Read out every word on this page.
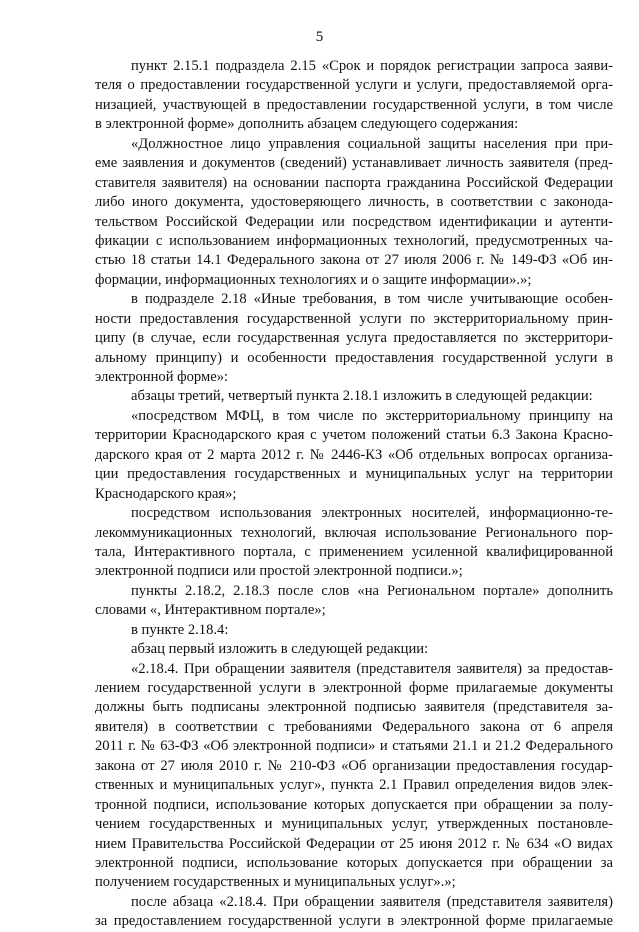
5
пункт 2.15.1 подраздела 2.15 «Срок и порядок регистрации запроса заяви-
теля о предоставлении государственной услуги и услуги, предоставляемой орга-
низацией, участвующей в предоставлении государственной услуги, в том числе
в электронной форме» дополнить абзацем следующего содержания:
«Должностное лицо управления социальной защиты населения при при-
еме заявления и документов (сведений) устанавливает личность заявителя (пред-
ставителя заявителя) на основании паспорта гражданина Российской Федерации
либо иного документа, удостоверяющего личность, в соответствии с законода-
тельством Российской Федерации или посредством идентификации и аутенти-
фикации с использованием информационных технологий, предусмотренных ча-
стью 18 статьи 14.1 Федерального закона от 27 июля 2006 г. № 149-ФЗ «Об ин-
формации, информационных технологиях и о защите информации».»;
в подразделе 2.18 «Иные требования, в том числе учитывающие особен-
ности предоставления государственной услуги по экстерриториальному прин-
ципу (в случае, если государственная услуга предоставляется по экстерритори-
альному принципу) и особенности предоставления государственной услуги в
электронной форме»:
абзацы третий, четвертый пункта 2.18.1 изложить в следующей редакции:
«посредством МФЦ, в том числе по экстерриториальному принципу на
территории Краснодарского края с учетом положений статьи 6.3 Закона Красно-
дарского края от 2 марта 2012 г. № 2446-КЗ «Об отдельных вопросах организа-
ции предоставления государственных и муниципальных услуг на территории
Краснодарского края»;
посредством использования электронных носителей, информационно-те-
лекоммуникационных технологий, включая использование Регионального пор-
тала, Интерактивного портала, с применением усиленной квалифицированной
электронной подписи или простой электронной подписи.»;
пункты 2.18.2, 2.18.3 после слов «на Региональном портале» дополнить
словами «, Интерактивном портале»;
в пункте 2.18.4:
абзац первый изложить в следующей редакции:
«2.18.4. При обращении заявителя (представителя заявителя) за предостав-
лением государственной услуги в электронной форме прилагаемые документы
должны быть подписаны электронной подписью заявителя (представителя за-
явителя) в соответствии с требованиями Федерального закона от 6 апреля
2011 г. № 63-ФЗ «Об электронной подписи» и статьями 21.1 и 21.2 Федерального
закона от 27 июля 2010 г. № 210-ФЗ «Об организации предоставления государ-
ственных и муниципальных услуг», пункта 2.1 Правил определения видов элек-
тронной подписи, использование которых допускается при обращении за полу-
чением государственных и муниципальных услуг, утвержденных постановле-
нием Правительства Российской Федерации от 25 июня 2012 г. № 634 «О видах
электронной подписи, использование которых допускается при обращении за
получением государственных и муниципальных услуг».»;
после абзаца «2.18.4. При обращении заявителя (представителя заявителя)
за предоставлением государственной услуги в электронной форме прилагаемые
